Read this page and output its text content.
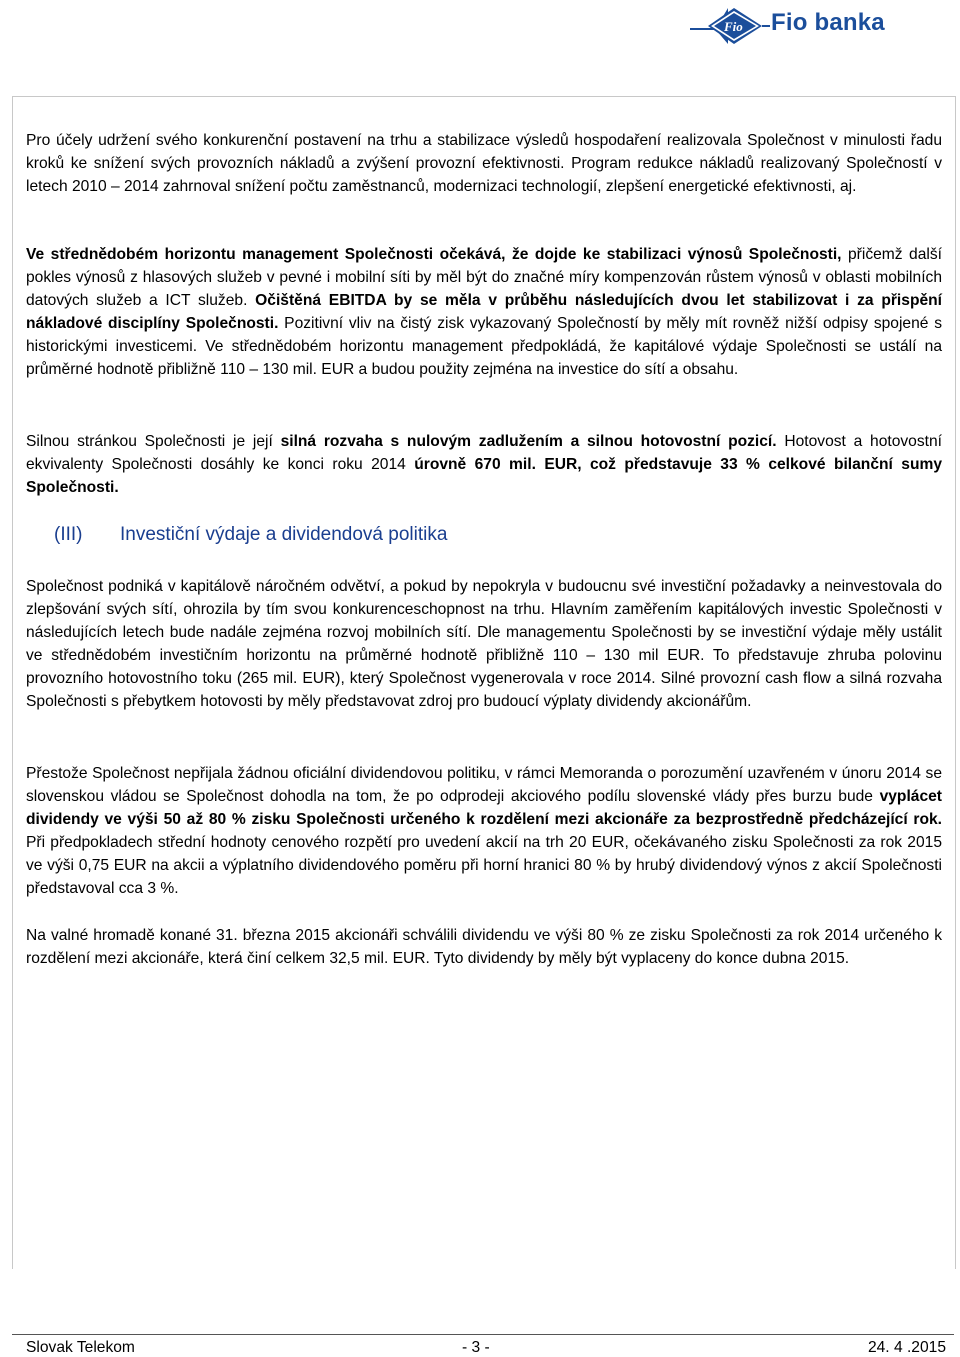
Fio Fio banka

Pro účely udržení svého konkurenční postavení na trhu a stabilizace výsledů hospodaření realizovala Společnost v minulosti řadu kroků ke snížení svých provozních nákladů a zvýšení provozní efektivnosti. Program redukce nákladů realizovaný Společností v letech 2010 – 2014 zahrnoval snížení počtu zaměstnanců, modernizaci technologií, zlepšení energetické efektivnosti, aj.

Ve střednědobém horizontu management Společnosti očekává, že dojde ke stabilizaci výnosů Společnosti, přičemž další pokles výnosů z hlasových služeb v pevné i mobilní síti by měl být do značné míry kompenzován růstem výnosů v oblasti mobilních datových služeb a ICT služeb. Očištěná EBITDA by se měla v průběhu následujících dvou let stabilizovat i za přispění nákladové disciplíny Společnosti. Pozitivní vliv na čistý zisk vykazovaný Společností by měly mít rovněž nižší odpisy spojené s historickými investicemi. Ve střednědobém horizontu management předpokládá, že kapitálové výdaje Společnosti se ustálí na průměrné hodnotě přibližně 110 – 130 mil. EUR a budou použity zejména na investice do sítí a obsahu.

Silnou stránkou Společnosti je její silná rozvaha s nulovým zadlužením a silnou hotovostní pozicí. Hotovost a hotovostní ekvivalenty Společnosti dosáhly ke konci roku 2014 úrovně 670 mil. EUR, což představuje 33 % celkové bilanční sumy Společnosti.

(III) Investiční výdaje a dividendová politika

Společnost podniká v kapitálově náročném odvětví, a pokud by nepokryla v budoucnu své investiční požadavky a neinvestovala do zlepšování svých sítí, ohrozila by tím svou konkurenceschopnost na trhu. Hlavním zaměřením kapitálových investic Společnosti v následujících letech bude nadále zejména rozvoj mobilních sítí. Dle managementu Společnosti by se investiční výdaje měly ustálit ve střednědobém investičním horizontu na průměrné hodnotě přibližně 110 – 130 mil EUR. To představuje zhruba polovinu provozního hotovostního toku (265 mil. EUR), který Společnost vygenerovala v roce 2014. Silné provozní cash flow a silná rozvaha Společnosti s přebytkem hotovosti by měly představovat zdroj pro budoucí výplaty dividendy akcionářům.

Přestože Společnost nepřijala žádnou oficiální dividendovou politiku, v rámci Memoranda o porozumění uzavřeném v únoru 2014 se slovenskou vládou se Společnost dohodla na tom, že po odprodeji akciového podílu slovenské vlády přes burzu bude vyplácet dividendy ve výši 50 až 80 % zisku Společnosti určeného k rozdělení mezi akcionáře za bezprostředně předcházející rok. Při předpokladech střední hodnoty cenového rozpětí pro uvedení akcií na trh 20 EUR, očekávaného zisku Společnosti za rok 2015 ve výši 0,75 EUR na akcii a výplatního dividendového poměru při horní hranici 80 % by hrubý dividendový výnos z akcií Společnosti představoval cca 3 %.

Na valné hromadě konané 31. března 2015 akcionáři schválili dividendu ve výši 80 % ze zisku Společnosti za rok 2014 určeného k rozdělení mezi akcionáře, která činí celkem 32,5 mil. EUR. Tyto dividendy by měly být vyplaceny do konce dubna 2015.

Slovak Telekom	- 3 -	24. 4 .2015
